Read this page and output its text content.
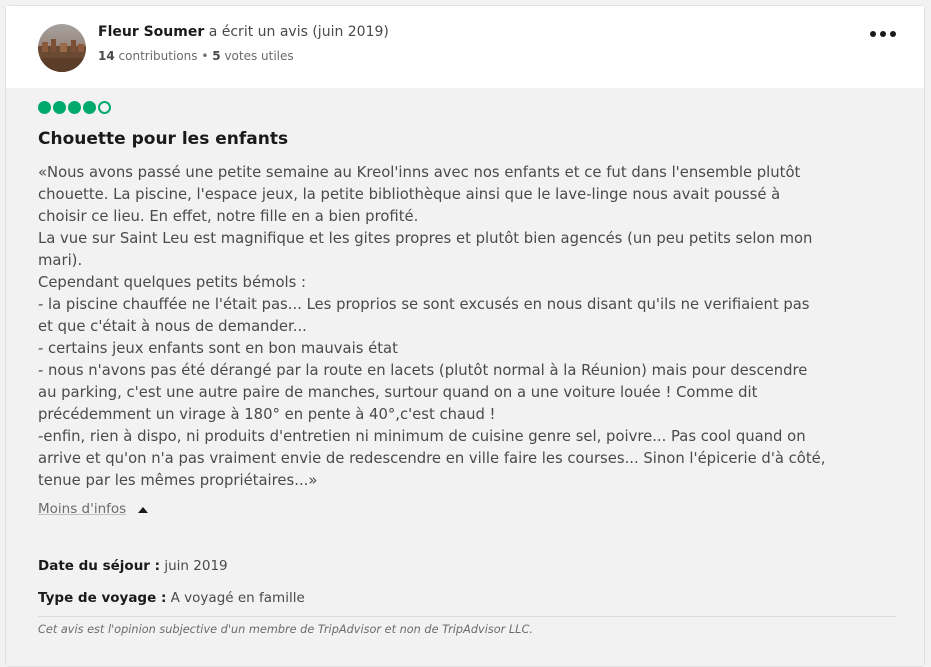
Fleur Soumer a écrit un avis (juin 2019)
14 contributions • 5 votes utiles
Chouette pour les enfants
«Nous avons passé une petite semaine au Kreol'inns avec nos enfants et ce fut dans l'ensemble plutôt
chouette. La piscine, l'espace jeux, la petite bibliothèque ainsi que le lave-linge nous avait poussé à
choisir ce lieu. En effet, notre fille en a bien profité.
La vue sur Saint Leu est magnifique et les gites propres et plutôt bien agencés (un peu petits selon mon
mari).
Cependant quelques petits bémols :
- la piscine chauffée ne l'était pas... Les proprios se sont excusés en nous disant qu'ils ne verifiaient pas
et que c'était à nous de demander...
- certains jeux enfants sont en bon mauvais état
- nous n'avons pas été dérangé par la route en lacets (plutôt normal à la Réunion) mais pour descendre
au parking, c'est une autre paire de manches, surtour quand on a une voiture louée ! Comme dit
précédemment un virage à 180° en pente à 40°,c'est chaud !
-enfin, rien à dispo, ni produits d'entretien ni minimum de cuisine genre sel, poivre... Pas cool quand on
arrive et qu'on n'a pas vraiment envie de redescendre en ville faire les courses... Sinon l'épicerie d'à côté,
tenue par les mêmes propriétaires...»
Moins d'infos
Date du séjour : juin 2019
Type de voyage : A voyagé en famille
Cet avis est l'opinion subjective d'un membre de TripAdvisor et non de TripAdvisor LLC.
